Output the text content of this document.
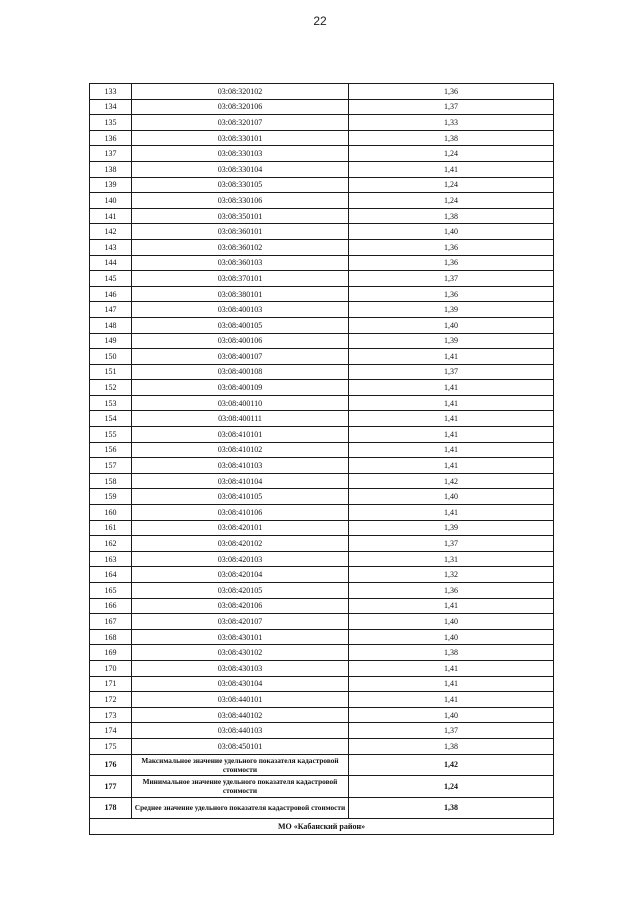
22
133	03:08:320102	1,36
134	03:08:320106	1,37
135	03:08:320107	1,33
136	03:08:330101	1,38
137	03:08:330103	1,24
138	03:08:330104	1,41
139	03:08:330105	1,24
140	03:08:330106	1,24
141	03:08:350101	1,38
142	03:08:360101	1,40
143	03:08:360102	1,36
144	03:08:360103	1,36
145	03:08:370101	1,37
146	03:08:380101	1,36
147	03:08:400103	1,39
148	03:08:400105	1,40
149	03:08:400106	1,39
150	03:08:400107	1,41
151	03:08:400108	1,37
152	03:08:400109	1,41
153	03:08:400110	1,41
154	03:08:400111	1,41
155	03:08:410101	1,41
156	03:08:410102	1,41
157	03:08:410103	1,41
158	03:08:410104	1,42
159	03:08:410105	1,40
160	03:08:410106	1,41
161	03:08:420101	1,39
162	03:08:420102	1,37
163	03:08:420103	1,31
164	03:08:420104	1,32
165	03:08:420105	1,36
166	03:08:420106	1,41
167	03:08:420107	1,40
168	03:08:430101	1,40
169	03:08:430102	1,38
170	03:08:430103	1,41
171	03:08:430104	1,41
172	03:08:440101	1,41
173	03:08:440102	1,40
174	03:08:440103	1,37
175	03:08:450101	1,38
176	Максимальное значение удельного показателя кадастровой стоимости	1,42
177	Минимальное значение удельного показателя кадастровой стоимости	1,24
178	Среднее значение удельного показателя кадастровой стоимости	1,38
МО «Кабанский район»		
